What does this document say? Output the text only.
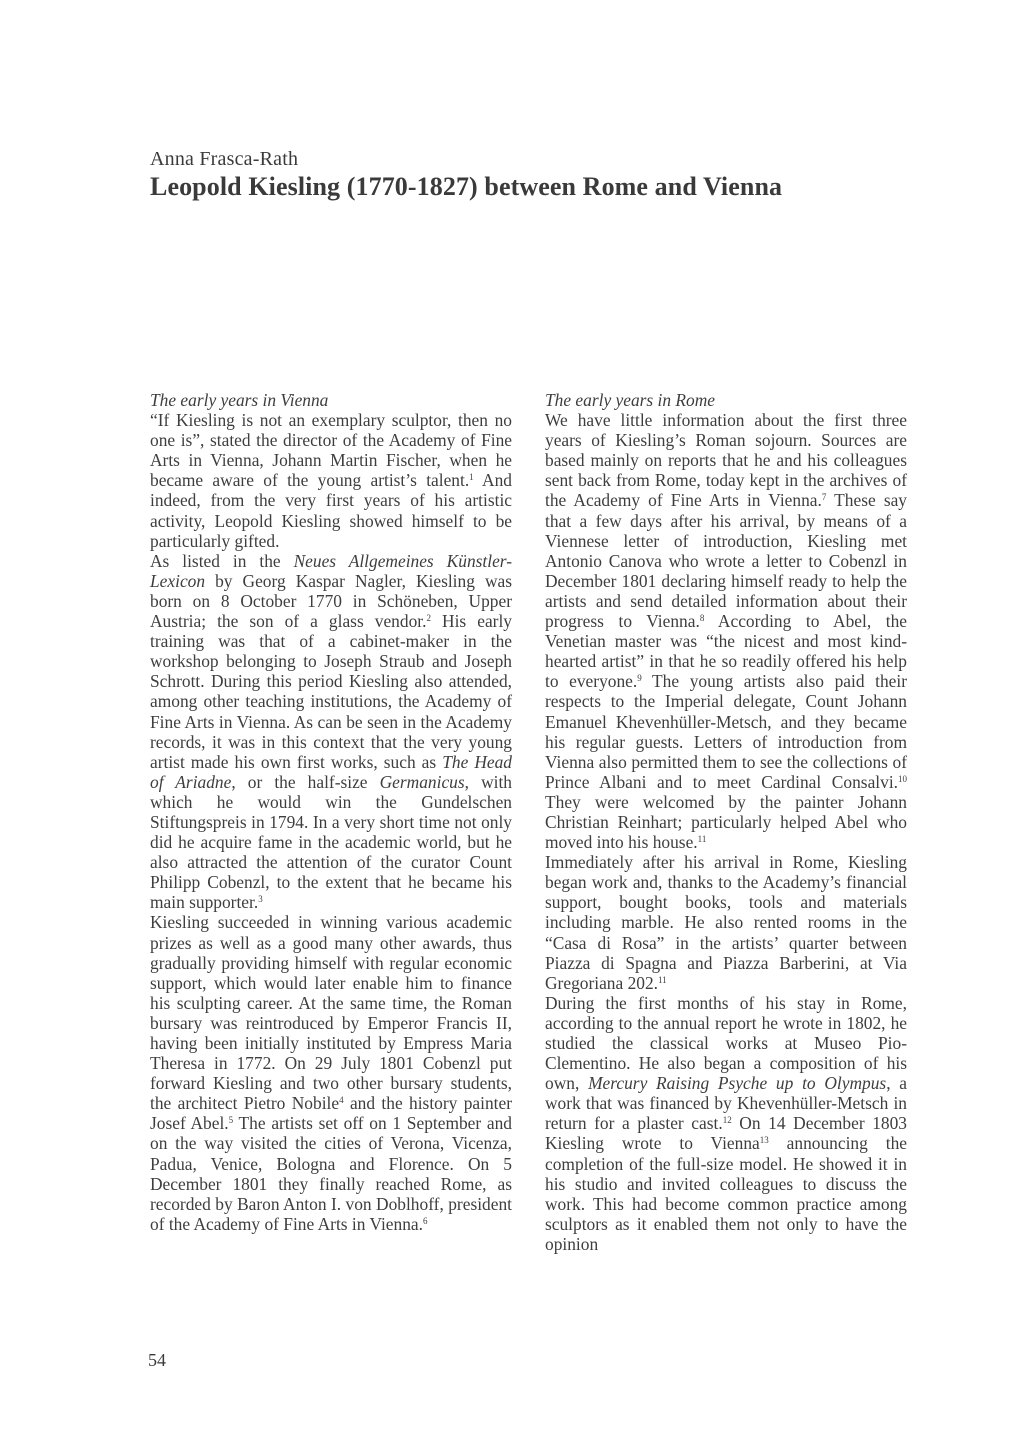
Anna Frasca-Rath
Leopold Kiesling (1770-1827) between Rome and Vienna
The early years in Vienna

“If Kiesling is not an exemplary sculptor, then no one is”, stated the director of the Academy of Fine Arts in Vienna, Johann Martin Fischer, when he became aware of the young artist’s talent.$^1$ And indeed, from the very first years of his artistic activity, Leopold Kiesling showed himself to be particularly gifted.

As listed in the Neues Allgemeines Künstler-Lexicon by Georg Kaspar Nagler, Kiesling was born on 8 October 1770 in Schöneben, Upper Austria; the son of a glass vendor.$^2$ His early training was that of a cabinet-maker in the workshop belonging to Joseph Straub and Joseph Schrott. During this period Kiesling also attended, among other teaching institutions, the Academy of Fine Arts in Vienna. As can be seen in the Academy records, it was in this context that the very young artist made his own first works, such as The Head of Ariadne, or the half-size Germanicus, with which he would win the Gundelschen Stiftungspreis in 1794. In a very short time not only did he acquire fame in the academic world, but he also attracted the attention of the curator Count Philipp Cobenzl, to the extent that he became his main supporter.$^3$

Kiesling succeeded in winning various academic prizes as well as a good many other awards, thus gradually providing himself with regular economic support, which would later enable him to finance his sculpting career. At the same time, the Roman bursary was reintroduced by Emperor Francis II, having been initially instituted by Empress Maria Theresa in 1772. On 29 July 1801 Cobenzl put forward Kiesling and two other bursary students, the architect Pietro Nobile$^4$ and the history painter Josef Abel.$^5$ The artists set off on 1 September and on the way visited the cities of Verona, Vicenza, Padua, Venice, Bologna and Florence. On 5 December 1801 they finally reached Rome, as recorded by Baron Anton I. von Doblhoff, president of the Academy of Fine Arts in Vienna.$^6$

The early years in Rome

We have little information about the first three years of Kiesling’s Roman sojourn. Sources are based mainly on reports that he and his colleagues sent back from Rome, today kept in the archives of the Academy of Fine Arts in Vienna.$^7$ These say that a few days after his arrival, by means of a Viennese letter of introduction, Kiesling met Antonio Canova who wrote a letter to Cobenzl in December 1801 declaring himself ready to help the artists and send detailed information about their progress to Vienna.$^8$ According to Abel, the Venetian master was “the nicest and most kind-hearted artist” in that he so readily offered his help to everyone.$^9$ The young artists also paid their respects to the Imperial delegate, Count Johann Emanuel Khevenhüller-Metsch, and they became his regular guests. Letters of introduction from Vienna also permitted them to see the collections of Prince Albani and to meet Cardinal Consalvi.$^{10}$ They were welcomed by the painter Johann Christian Reinhart; particularly helped Abel who moved into his house.$^{11}$

Immediately after his arrival in Rome, Kiesling began work and, thanks to the Academy’s financial support, bought books, tools and materials including marble. He also rented rooms in the “Casa di Rosa” in the artists’ quarter between Piazza di Spagna and Piazza Barberini, at Via Gregoriana 202.11

During the first months of his stay in Rome, according to the annual report he wrote in 1802, he studied the classical works at Museo Pio-Clementino. He also began a composition of his own, Mercury Raising Psyche up to Olympus, a work that was financed by Khevenhüller-Metsch in return for a plaster cast.$^{12}$ On 14 December 1803 Kiesling wrote to Vienna$^{13}$ announcing the completion of the full-size model. He showed it in his studio and invited colleagues to discuss the work. This had become common practice among sculptors as it enabled them not only to have the opinion

54
